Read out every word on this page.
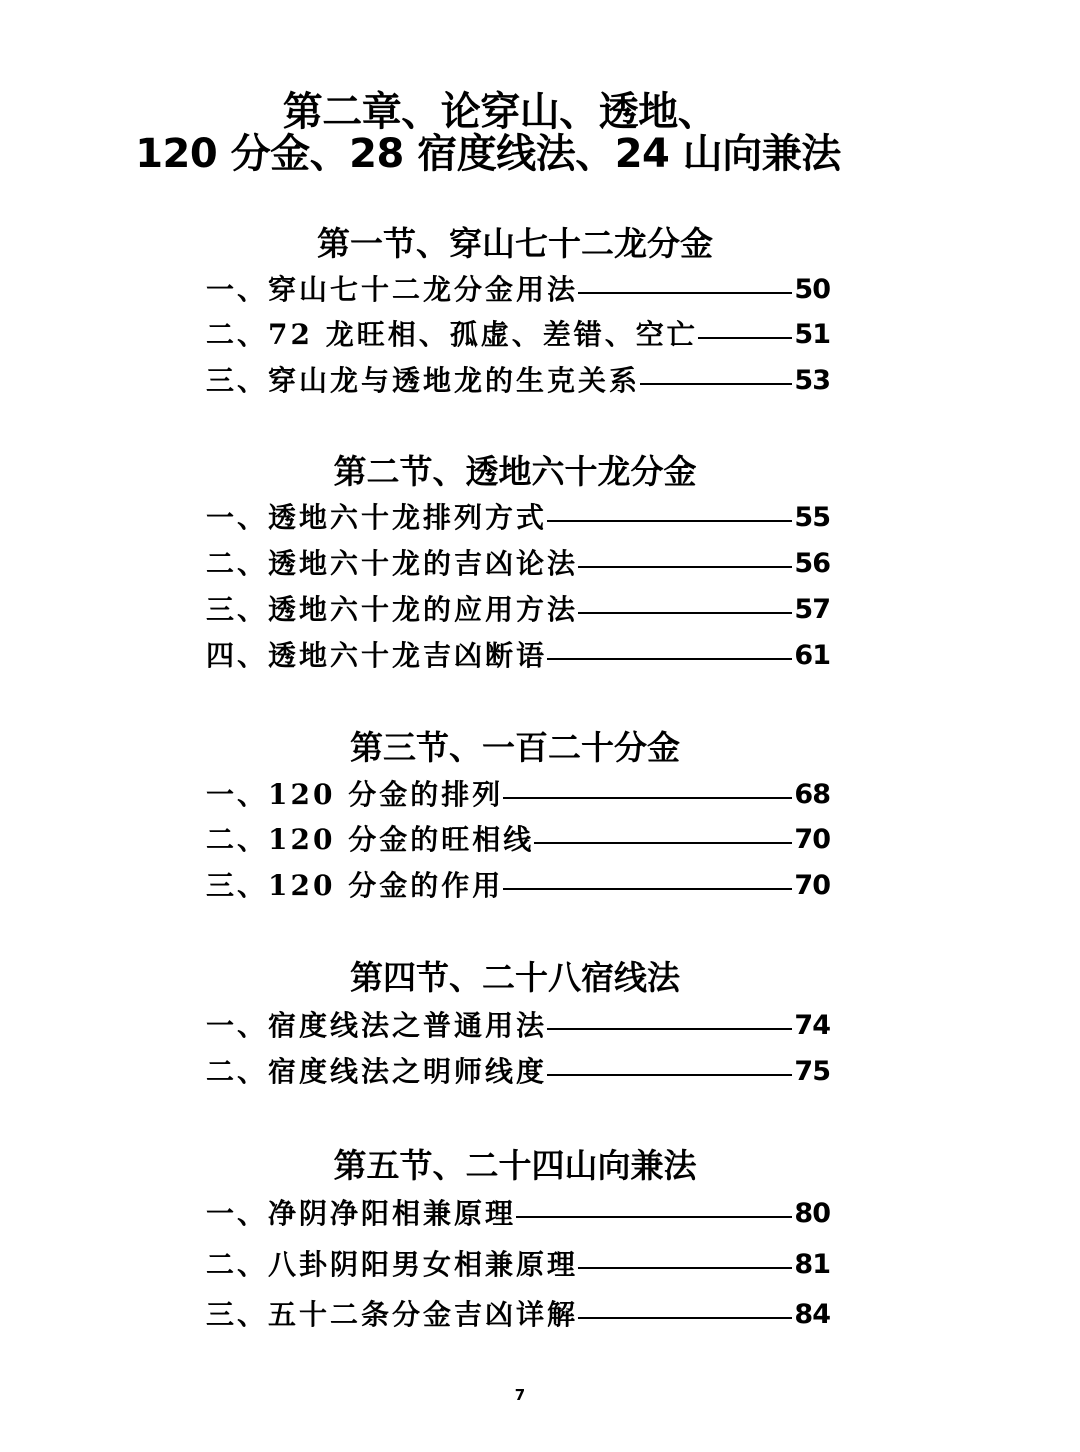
第二章、论穿山、透地、
120 分金、28 宿度线法、24 山向兼法
第一节、穿山七十二龙分金
一、穿山七十二龙分金用法	50
二、72 龙旺相、孤虚、差错、空亡	51
三、穿山龙与透地龙的生克关系	53
第二节、透地六十龙分金
一、透地六十龙排列方式	55
二、透地六十龙的吉凶论法	56
三、透地六十龙的应用方法	57
四、透地六十龙吉凶断语	61
第三节、一百二十分金
一、120 分金的排列	68
二、120 分金的旺相线	70
三、120 分金的作用	70
第四节、二十八宿线法
一、宿度线法之普通用法	74
二、宿度线法之明师线度	75
第五节、二十四山向兼法
一、净阴净阳相兼原理	80
二、八卦阴阳男女相兼原理	81
三、五十二条分金吉凶详解	84
7
